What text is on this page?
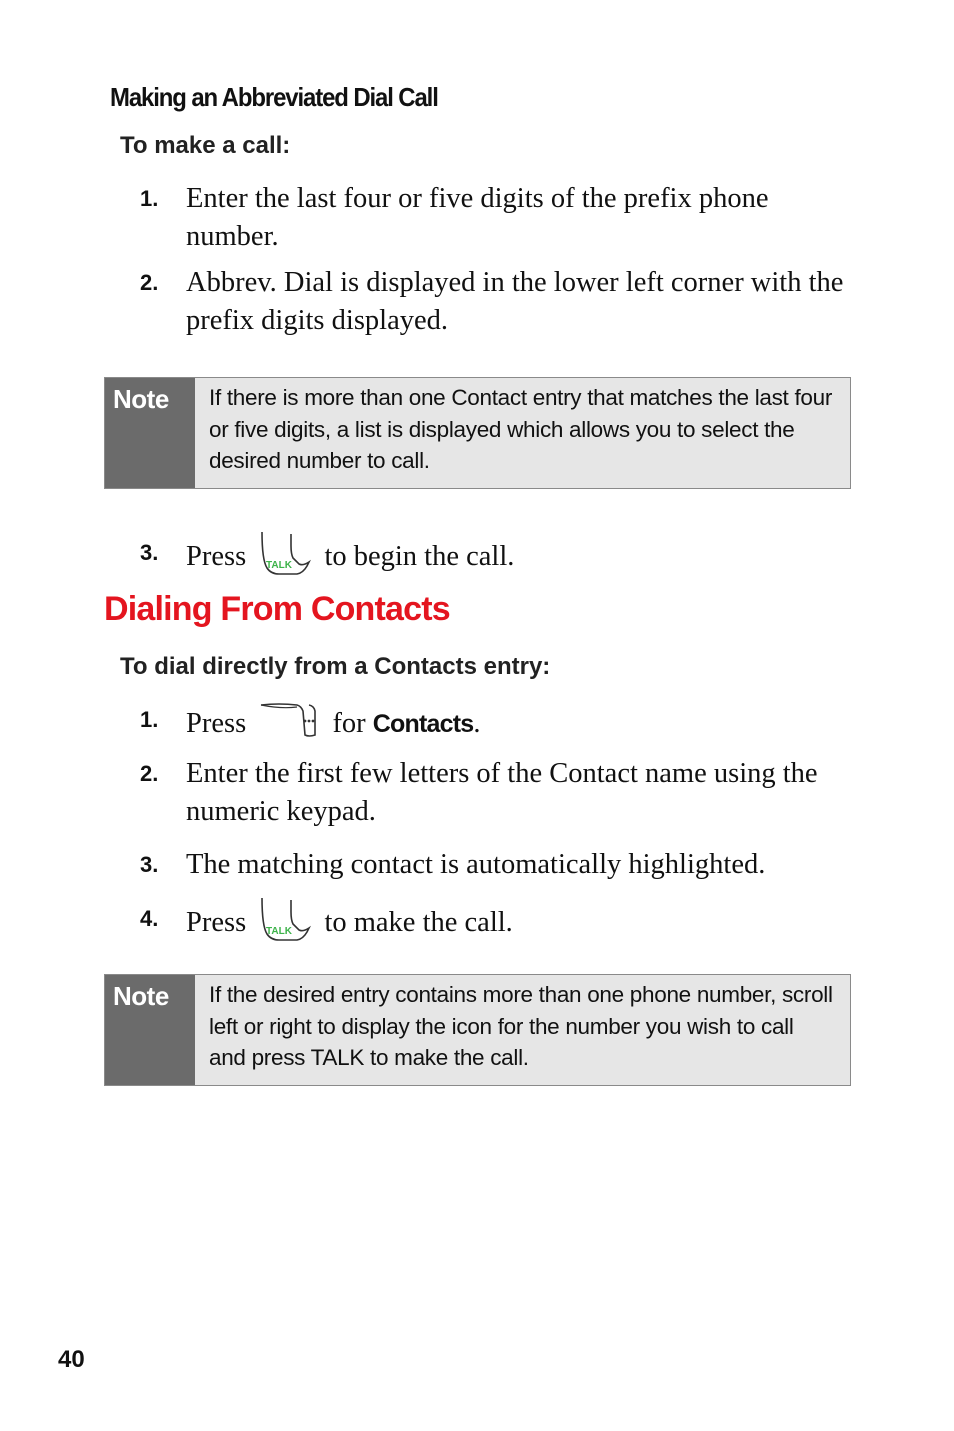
Making an Abbreviated Dial Call
To make a call:
1. Enter the last four or five digits of the prefix phone number.
2. Abbrev. Dial is displayed in the lower left corner with the prefix digits displayed.
Note	If there is more than one Contact entry that matches the last four or five digits, a list is displayed which allows you to select the desired number to call.
3. Press TALK to begin the call.
Dialing From Contacts
To dial directly from a Contacts entry:
1. Press	for Contacts.
2. Enter the first few letters of the Contact name using the numeric keypad.
3. The matching contact is automatically highlighted.
4. Press TALK to make the call.
Note	If the desired entry contains more than one phone number, scroll left or right to display the icon for the number you wish to call and press TALK to make the call.
40
